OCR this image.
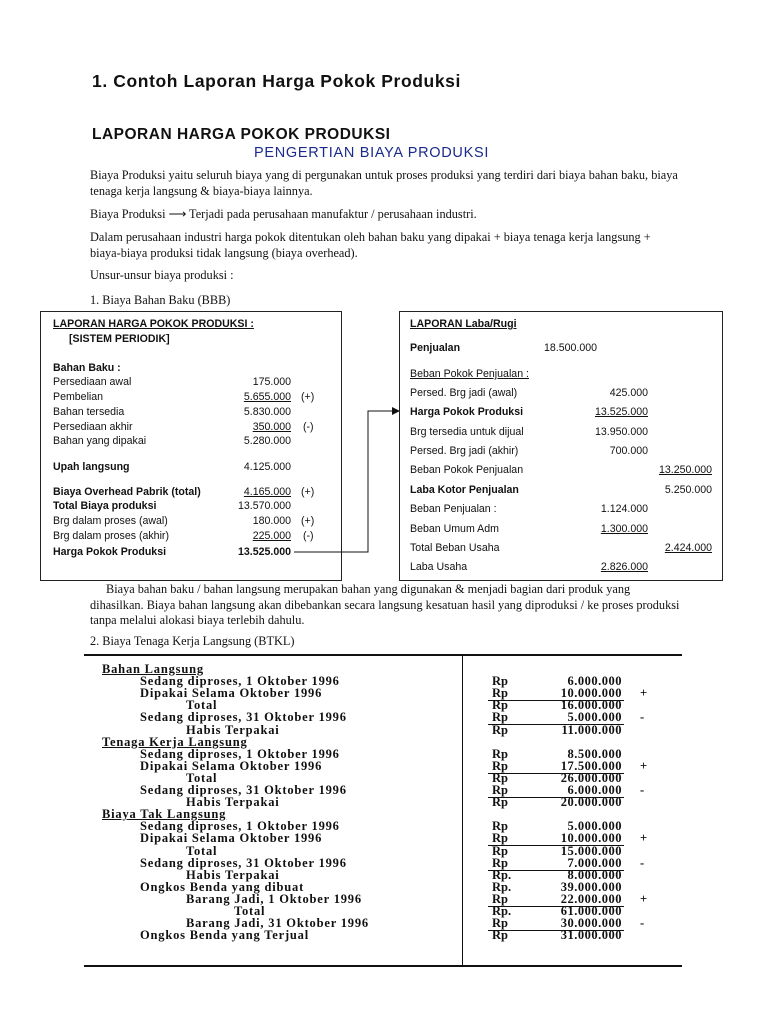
1. Contoh Laporan Harga Pokok Produksi
LAPORAN HARGA POKOK PRODUKSI
PENGERTIAN BIAYA PRODUKSI
Biaya Produksi yaitu seluruh biaya yang di pergunakan untuk proses produksi yang terdiri dari biaya bahan baku, biaya tenaga kerja langsung & biaya-biaya lainnya.
Biaya Produksi ⟶ Terjadi pada perusahaan manufaktur / perusahaan industri.
Dalam perusahaan industri harga pokok ditentukan oleh bahan baku yang dipakai + biaya tenaga kerja langsung + biaya-biaya produksi tidak langsung (biaya overhead).
Unsur-unsur biaya produksi :
1. Biaya Bahan Baku (BBB)
LAPORAN HARGA POKOK PRODUKSI :
[SISTEM PERIODIK]
Bahan Baku :
Persediaan awal	175.000
Pembelian	5.655.000 (+)
Bahan tersedia	5.830.000
Persediaan akhir	350.000 (-)
Bahan yang dipakai	5.280.000
Upah langsung	4.125.000
Biaya Overhead Pabrik (total)	4.165.000 (+)
Total Biaya produksi	13.570.000
Brg dalam proses (awal)	180.000 (+)
Brg dalam proses (akhir)	225.000 (-)
Harga Pokok Produksi	13.525.000
LAPORAN Laba/Rugi
Penjualan	18.500.000
Beban Pokok Penjualan :
Persed. Brg jadi (awal)	425.000
Harga Pokok Produksi	13.525.000
Brg tersedia untuk dijual	13.950.000
Persed. Brg jadi (akhir)	700.000
Beban Pokok Penjualan	13.250.000
Laba Kotor Penjualan	5.250.000
Beban Penjualan :	1.124.000
Beban Umum Adm	1.300.000
Total Beban Usaha	2.424.000
Laba Usaha	2.826.000
Biaya bahan baku / bahan langsung merupakan bahan yang digunakan & menjadi bagian dari produk yang dihasilkan. Biaya bahan langsung akan dibebankan secara langsung kesatuan hasil yang diproduksi / ke proses produksi tanpa melalui alokasi biaya terlebih dahulu.
2. Biaya Tenaga Kerja Langsung (BTKL)
Bahan Langsung
Sedang diproses, 1 Oktober 1996	Rp	6.000.000
Dipakai Selama Oktober 1996	Rp	10.000.000 +
Total	Rp	16.000.000
Sedang diproses, 31 Oktober 1996	Rp	5.000.000 -
Habis Terpakai	Rp	11.000.000
Tenaga Kerja Langsung
Sedang diproses, 1 Oktober 1996	Rp	8.500.000
Dipakai Selama Oktober 1996	Rp	17.500.000 +
Total	Rp	26.000.000
Sedang diproses, 31 Oktober 1996	Rp	6.000.000 -
Habis Terpakai	Rp	20.000.000
Biaya Tak Langsung
Sedang diproses, 1 Oktober 1996	Rp	5.000.000
Dipakai Selama Oktober 1996	Rp	10.000.000 +
Total	Rp	15.000.000
Sedang diproses, 31 Oktober 1996	Rp	7.000.000 -
Habis Terpakai	Rp.	8.000.000
Ongkos Benda yang dibuat	Rp.	39.000.000
Barang Jadi, 1 Oktober 1996	Rp	22.000.000 +
Total	Rp.	61.000.000
Barang Jadi, 31 Oktober 1996	Rp	30.000.000 -
Ongkos Benda yang Terjual	Rp	31.000.000
